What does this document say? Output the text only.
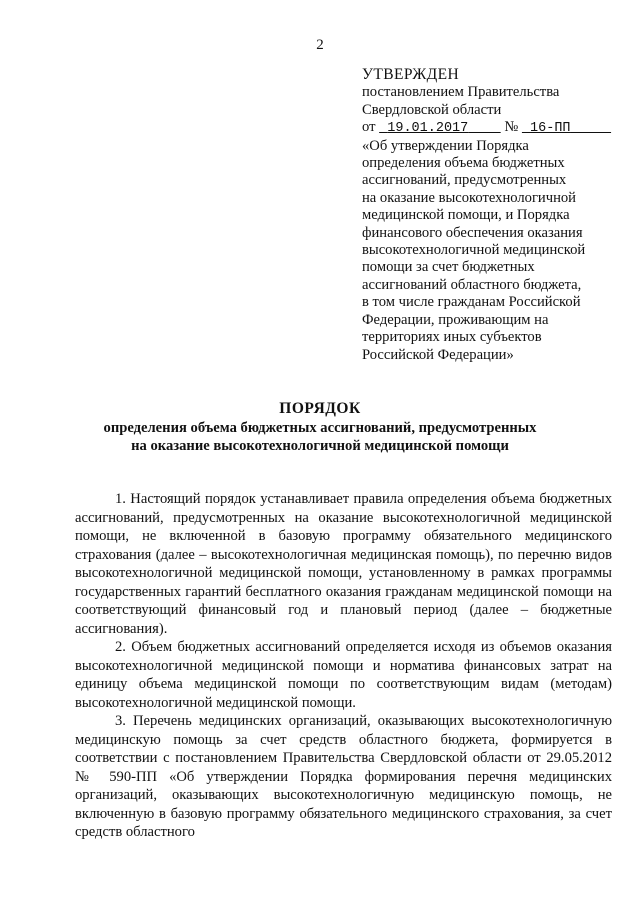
2
УТВЕРЖДЕН
постановлением Правительства
Свердловской области
от 19.01.2017 № 16-ПП
«Об утверждении Порядка
определения объема бюджетных
ассигнований, предусмотренных
на оказание высокотехнологичной
медицинской помощи, и Порядка
финансового обеспечения оказания
высокотехнологичной медицинской
помощи за счет бюджетных
ассигнований областного бюджета,
в том числе гражданам Российской
Федерации, проживающим на
территориях иных субъектов
Российской Федерации»
ПОРЯДОК
определения объема бюджетных ассигнований, предусмотренных
на оказание высокотехнологичной медицинской помощи

1. Настоящий порядок устанавливает правила определения объема бюджетных ассигнований, предусмотренных на оказание высокотехнологичной медицинской помощи, не включенной в базовую программу обязательного медицинского страхования (далее – высокотехнологичная медицинская помощь), по перечню видов высокотехнологичной медицинской помощи, установленному в рамках программы государственных гарантий бесплатного оказания гражданам медицинской помощи на соответствующий финансовый год и плановый период (далее – бюджетные ассигнования).

2. Объем бюджетных ассигнований определяется исходя из объемов оказания высокотехнологичной медицинской помощи и норматива финансовых затрат на единицу объема медицинской помощи по соответствующим видам (методам) высокотехнологичной медицинской помощи.

3. Перечень медицинских организаций, оказывающих высокотехнологичную медицинскую помощь за счет средств областного бюджета, формируется в соответствии с постановлением Правительства Свердловской области от 29.05.2012 № 590-ПП «Об утверждении Порядка формирования перечня медицинских организаций, оказывающих высокотехнологичную медицинскую помощь, не включенную в базовую программу обязательного медицинского страхования, за счет средств областного
